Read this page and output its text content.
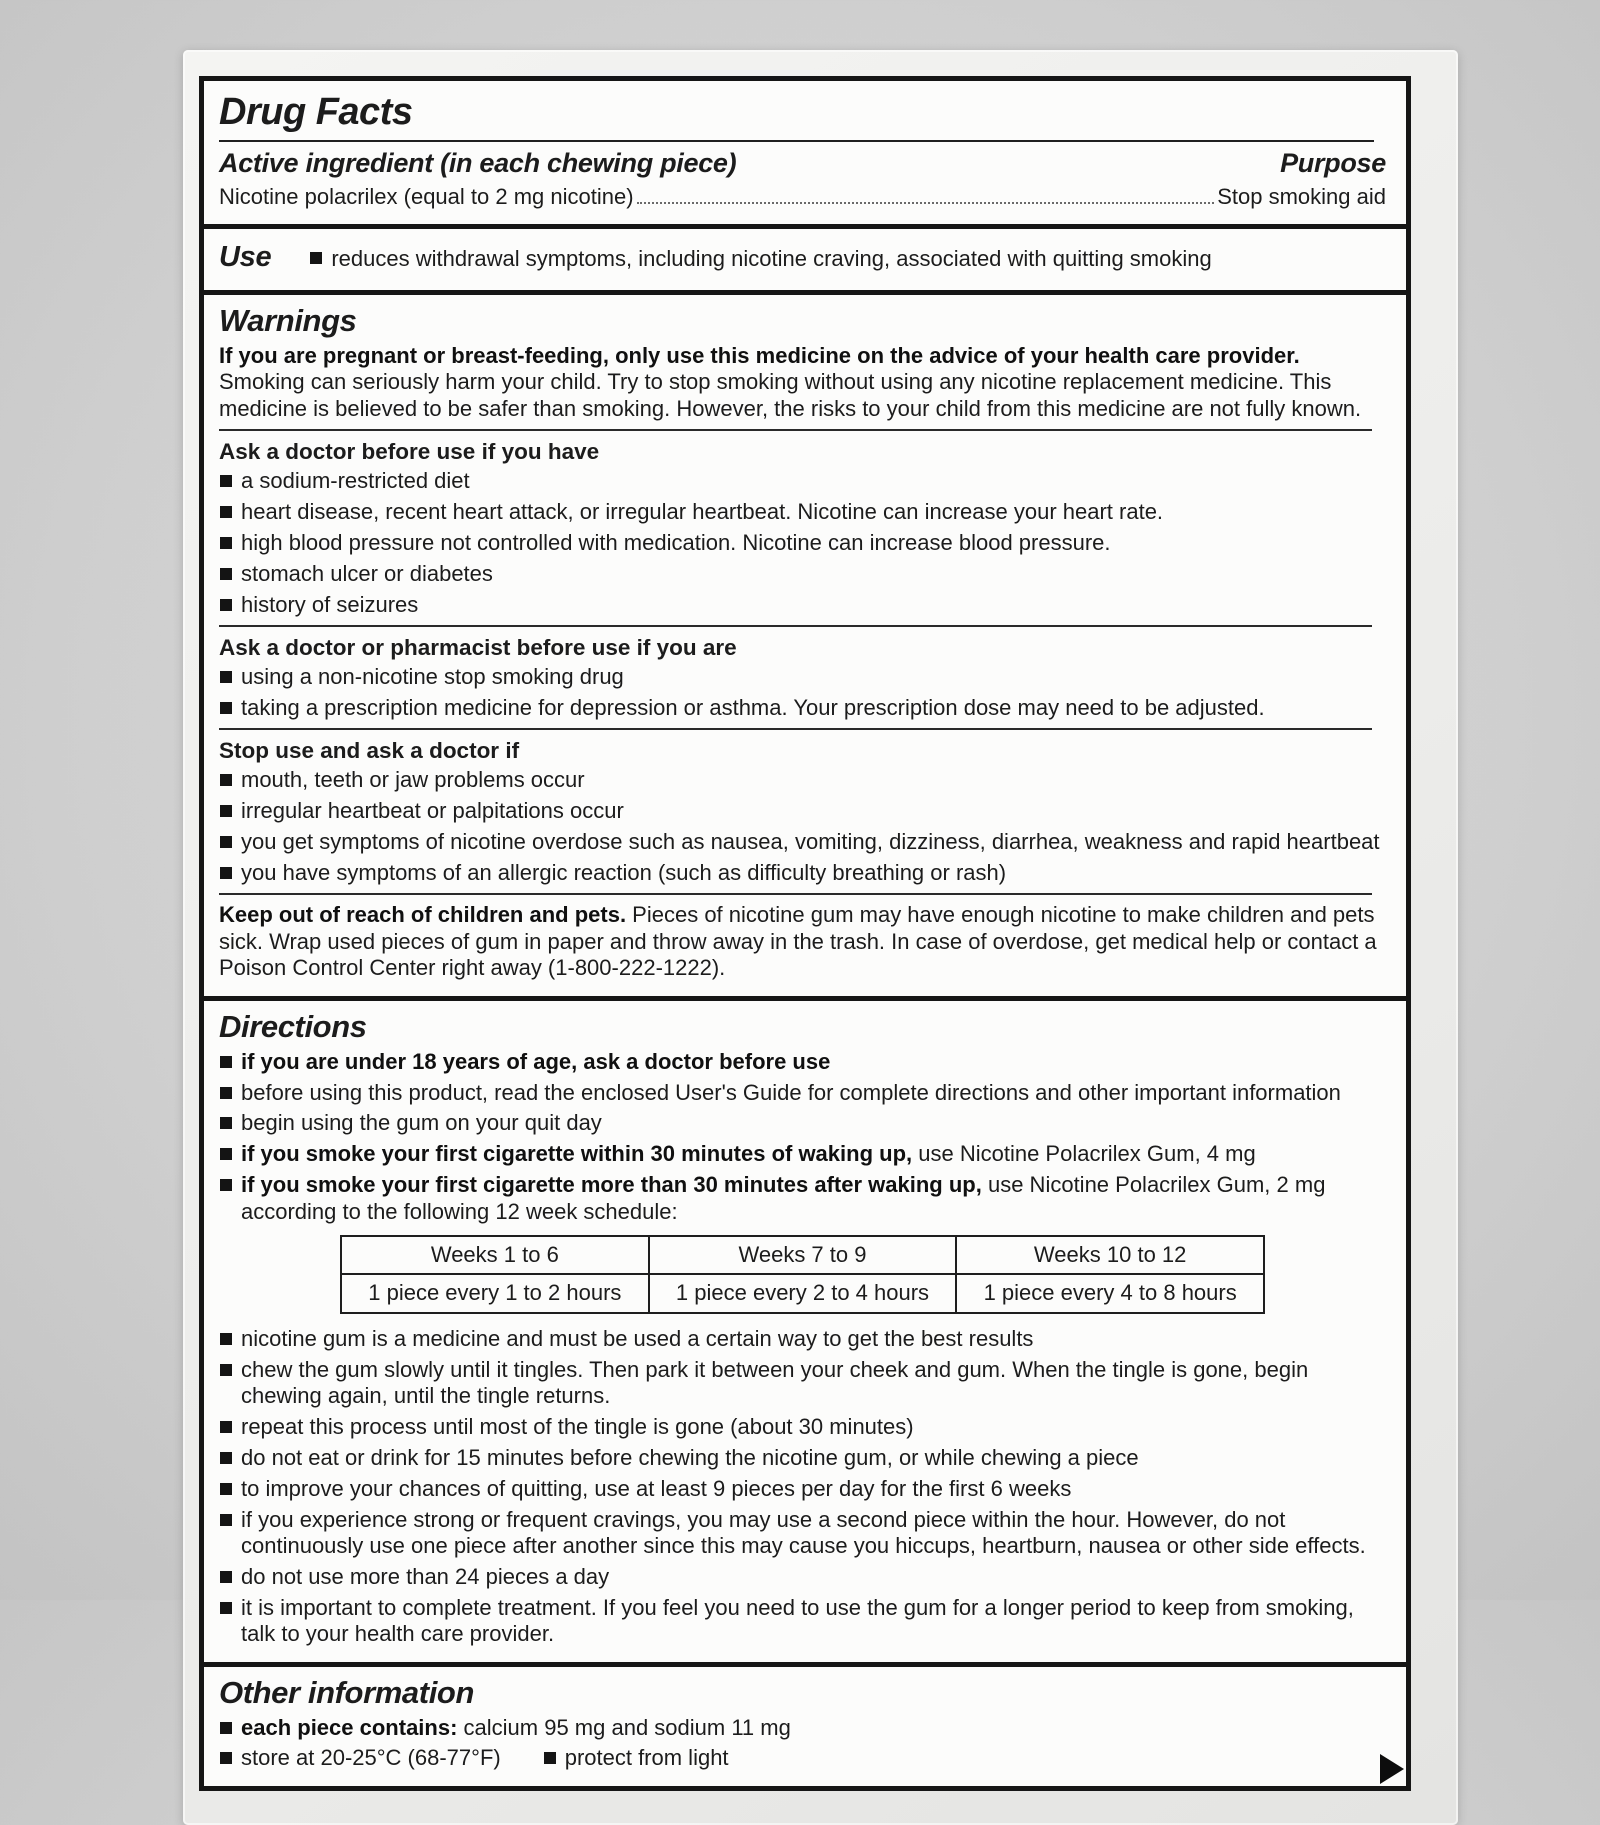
Drug Facts
Active ingredient (in each chewing piece)	Purpose
Nicotine polacrilex (equal to 2 mg nicotine)	Stop smoking aid
Use	reduces withdrawal symptoms, including nicotine craving, associated with quitting smoking
Warnings

If you are pregnant or breast-feeding, only use this medicine on the advice of your health care provider. Smoking can seriously harm your child. Try to stop smoking without using any nicotine replacement medicine. This medicine is believed to be safer than smoking. However, the risks to your child from this medicine are not fully known.

Ask a doctor before use if you have
a sodium-restricted diet
heart disease, recent heart attack, or irregular heartbeat. Nicotine can increase your heart rate.
high blood pressure not controlled with medication. Nicotine can increase blood pressure.
stomach ulcer or diabetes
history of seizures
Ask a doctor or pharmacist before use if you are
using a non-nicotine stop smoking drug
taking a prescription medicine for depression or asthma. Your prescription dose may need to be adjusted.
Stop use and ask a doctor if
mouth, teeth or jaw problems occur
irregular heartbeat or palpitations occur
you get symptoms of nicotine overdose such as nausea, vomiting, dizziness, diarrhea, weakness and rapid heartbeat
you have symptoms of an allergic reaction (such as difficulty breathing or rash)

Keep out of reach of children and pets. Pieces of nicotine gum may have enough nicotine to make children and pets sick. Wrap used pieces of gum in paper and throw away in the trash. In case of overdose, get medical help or contact a Poison Control Center right away (1-800-222-1222).

Directions
if you are under 18 years of age, ask a doctor before use
before using this product, read the enclosed User's Guide for complete directions and other important information
begin using the gum on your quit day
if you smoke your first cigarette within 30 minutes of waking up, use Nicotine Polacrilex Gum, 4 mg
if you smoke your first cigarette more than 30 minutes after waking up, use Nicotine Polacrilex Gum, 2 mg according to the following 12 week schedule:
Weeks 1 to 6	Weeks 7 to 9	Weeks 10 to 12
1 piece every 1 to 2 hours	1 piece every 2 to 4 hours	1 piece every 4 to 8 hours
nicotine gum is a medicine and must be used a certain way to get the best results
chew the gum slowly until it tingles. Then park it between your cheek and gum. When the tingle is gone, begin chewing again, until the tingle returns.
repeat this process until most of the tingle is gone (about 30 minutes)
do not eat or drink for 15 minutes before chewing the nicotine gum, or while chewing a piece
to improve your chances of quitting, use at least 9 pieces per day for the first 6 weeks
if you experience strong or frequent cravings, you may use a second piece within the hour. However, do not continuously use one piece after another since this may cause you hiccups, heartburn, nausea or other side effects.
do not use more than 24 pieces a day
it is important to complete treatment. If you feel you need to use the gum for a longer period to keep from smoking, talk to your health care provider.
Other information
each piece contains: calcium 95 mg and sodium 11 mg
store at 20-25°C (68-77°F)	protect from light
